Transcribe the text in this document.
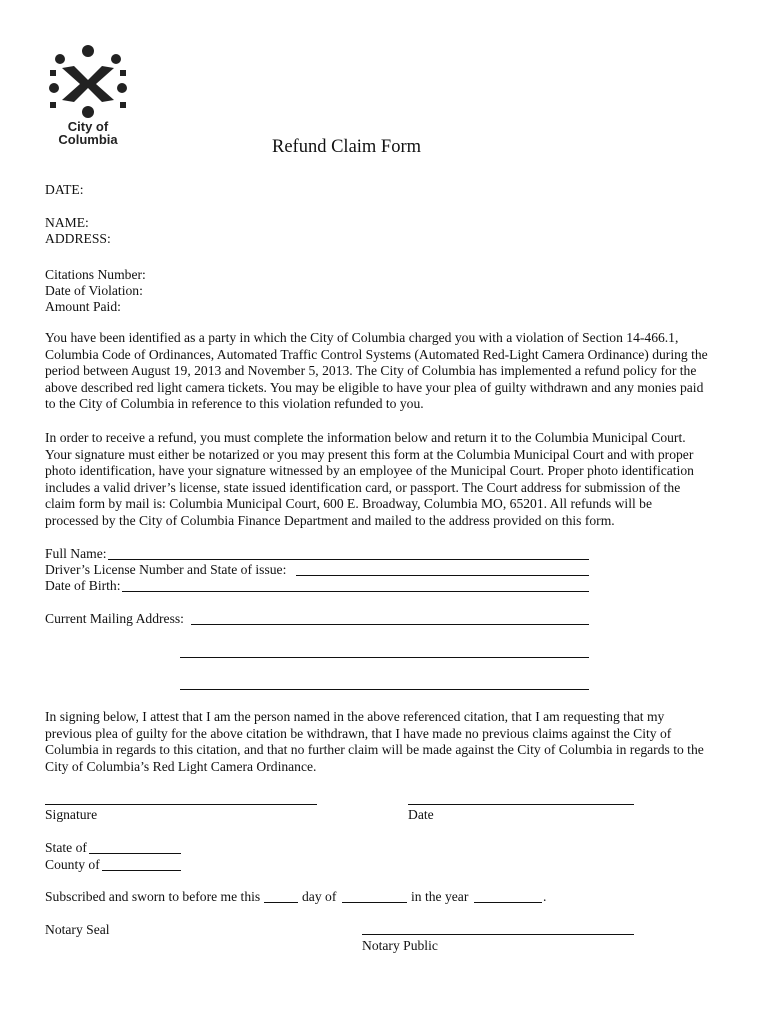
City of
Columbia	Refund Claim Form
DATE:
NAME:
ADDRESS:
Citations Number:
Date of Violation:
Amount Paid:
You have been identified as a party in which the City of Columbia charged you with a violation of Section 14-466.1,
Columbia Code of Ordinances, Automated Traffic Control Systems (Automated Red-Light Camera Ordinance) during the
period between August 19, 2013 and November 5, 2013. The City of Columbia has implemented a refund policy for the
above described red light camera tickets. You may be eligible to have your plea of guilty withdrawn and any monies paid
to the City of Columbia in reference to this violation refunded to you.
In order to receive a refund, you must complete the information below and return it to the Columbia Municipal Court.
Your signature must either be notarized or you may present this form at the Columbia Municipal Court and with proper
photo identification, have your signature witnessed by an employee of the Municipal Court. Proper photo identification
includes a valid driver’s license, state issued identification card, or passport. The Court address for submission of the
claim form by mail is: Columbia Municipal Court, 600 E. Broadway, Columbia MO, 65201. All refunds will be
processed by the City of Columbia Finance Department and mailed to the address provided on this form.
Full Name:
Driver’s License Number and State of issue:
Date of Birth:
Current Mailing Address:
In signing below, I attest that I am the person named in the above referenced citation, that I am requesting that my
previous plea of guilty for the above citation be withdrawn, that I have made no previous claims against the City of
Columbia in regards to this citation, and that no further claim will be made against the City of Columbia in regards to the
City of Columbia’s Red Light Camera Ordinance.
Signature	Date
State of
County of
Subscribed and sworn to before me this	day of	in the year	.
Notary Seal
Notary Public
